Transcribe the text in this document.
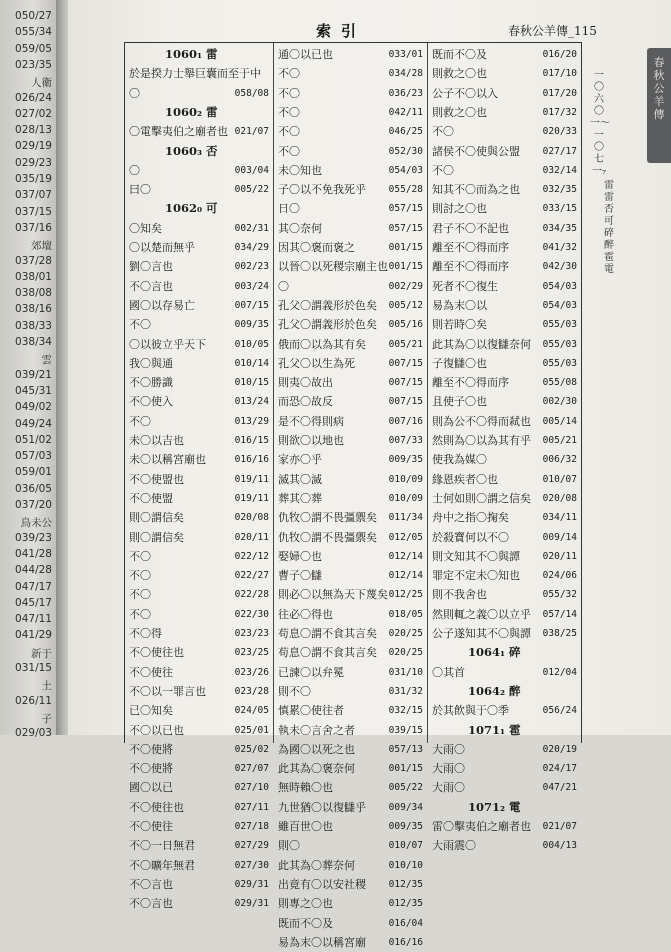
050/27
055/34
059/05
023/35
人衛
026/24
027/02
028/13
029/19
029/23
035/19
037/07
037/15
037/16
郊壇
037/28
038/01
038/08
038/16
038/33
038/34
雲
039/21
045/31
049/02
049/24
051/02
057/03
059/01
036/05
037/20
鳥未公
039/23
041/28
044/28
047/17
045/17
047/11
041/29
新于
031/15
土
026/11
子
029/03
索引	春秋公羊傳_115
1060₁ 雷
於是揆力士舉巨囊而至于中
〇	058/08
1060₂ 雷
〇電擊夷伯之廟者也 021/07
1060₃ 否
〇	003/04
曰〇	005/22
1062₀ 可
〇知矣	002/31
〇以楚而無乎	034/29
劉〇言也	002/23
不〇言也	003/24
國〇以存易亡	007/15
不〇	009/35
〇以彼立乎天下	010/05
我〇與通	010/14
不〇勝識	010/15
不〇使入	013/24
不〇	013/29
未〇以吉也	016/15
未〇以稱宮廟也	016/16
不〇使盟也	019/11
不〇使盟	019/11
則〇謂信矣	020/08
則〇謂信矣	020/11
不〇	022/12
不〇	022/27
不〇	022/28
不〇	022/30
不〇得	023/23
不〇使往也	023/25
不〇使往	023/26
不〇以一罪言也	023/28
已〇知矣	024/05
不〇以已也	025/01
不〇使將	025/02
不〇使將	027/07
國〇以已	027/10
不〇使往也	027/11
不〇使往	027/18
不〇一日無君	027/29
不〇曠年無君	027/30
不〇言也	029/31
不〇言也	029/31
通〇以已也	033/01
不〇	034/28
不〇	036/23
不〇	042/11
不〇	046/25
不〇	052/30
未〇知也	054/03
子〇以不免我死乎	055/28
日〇	057/15
其〇奈何	057/15
因其〇褒而褒之	001/15
以晉〇以死稷宗廟主也 001/15
〇	002/29
孔父〇謂義形於色矣 005/12
孔父〇謂義形於色矣 005/16
俄而〇以為其有矣	005/21
孔父〇以生為死	007/15
則夷〇故出	007/15
而恐〇故反	007/15
是不〇得則病	007/16
則欲〇以地也	007/33
家亦〇乎	009/35
滅其〇滅	010/09
葬其〇葬	010/09
仇牧〇謂不畏彊禦矣 011/34
仇牧〇謂不畏彊禦矣 012/05
娶婦〇也	012/14
曹子〇讎	012/14
則必〇以無為天下蔑矣 012/25
往必〇得也	018/05
苟息〇謂不食其言矣 020/25
苟息〇謂不食其言矣 020/25
已諫〇以弁冕	031/10
則不〇	031/32
慎累〇使往者	032/15
執未〇言舍之者	039/15
為國〇以死之也	057/13
此其為〇褒奈何	001/15
無時賴〇也	005/22
九世猶〇以復讎乎	009/34
雖百世〇也	009/35
則〇	010/07
此其為〇葬奈何	010/10
出竟有〇以安社稷	012/35
則專之〇也	012/35
既而不〇及	016/04
易為末〇以稱宮廟	016/16
既而不〇及	016/20
則救之〇也	017/10
公子不〇以入	017/20
則救之〇也	017/32
不〇	020/33
諸侯不〇使與公盟	027/17
不〇	032/14
知其不〇而為之也	032/35
則討之〇也	033/15
君子不〇不記也	034/35
離至不〇得而序	041/32
離至不〇得而序	042/30
死者不〇復生	054/03
易為末〇以	054/03
則若時〇矣	055/03
此其為〇以復讎奈何 055/03
子復讎〇也	055/03
離至不〇得而序	055/08
且使子〇也	002/30
則為公不〇得而弒也 005/14
然則為〇以為其有乎 005/21
使我為媒〇	006/32
緣恩疾者〇也	010/07
士何如則〇謂之信矣 020/08
舟中之指〇掬矣	034/11
於殺寶何以不〇	009/14
則文知其不〇與譚	020/11
罪定不定未〇知也	024/06
則不我舍也	055/32
然則輒之義〇以立乎 057/14
公子遂知其不〇與譚 038/25
1064₁ 碎
〇其首	012/04
1064₂ 醉
於其飲與于〇季	056/24
1071₁ 雹
大雨〇	020/19
大雨〇	024/17
大雨〇	047/21
1071₂ 電
雷〇擊夷伯之廟者也 021/07
大雨震〇	004/13
一〇六〇一〜一〇七一₇
雷雷否可碎醉雹電
春秋公羊傳
